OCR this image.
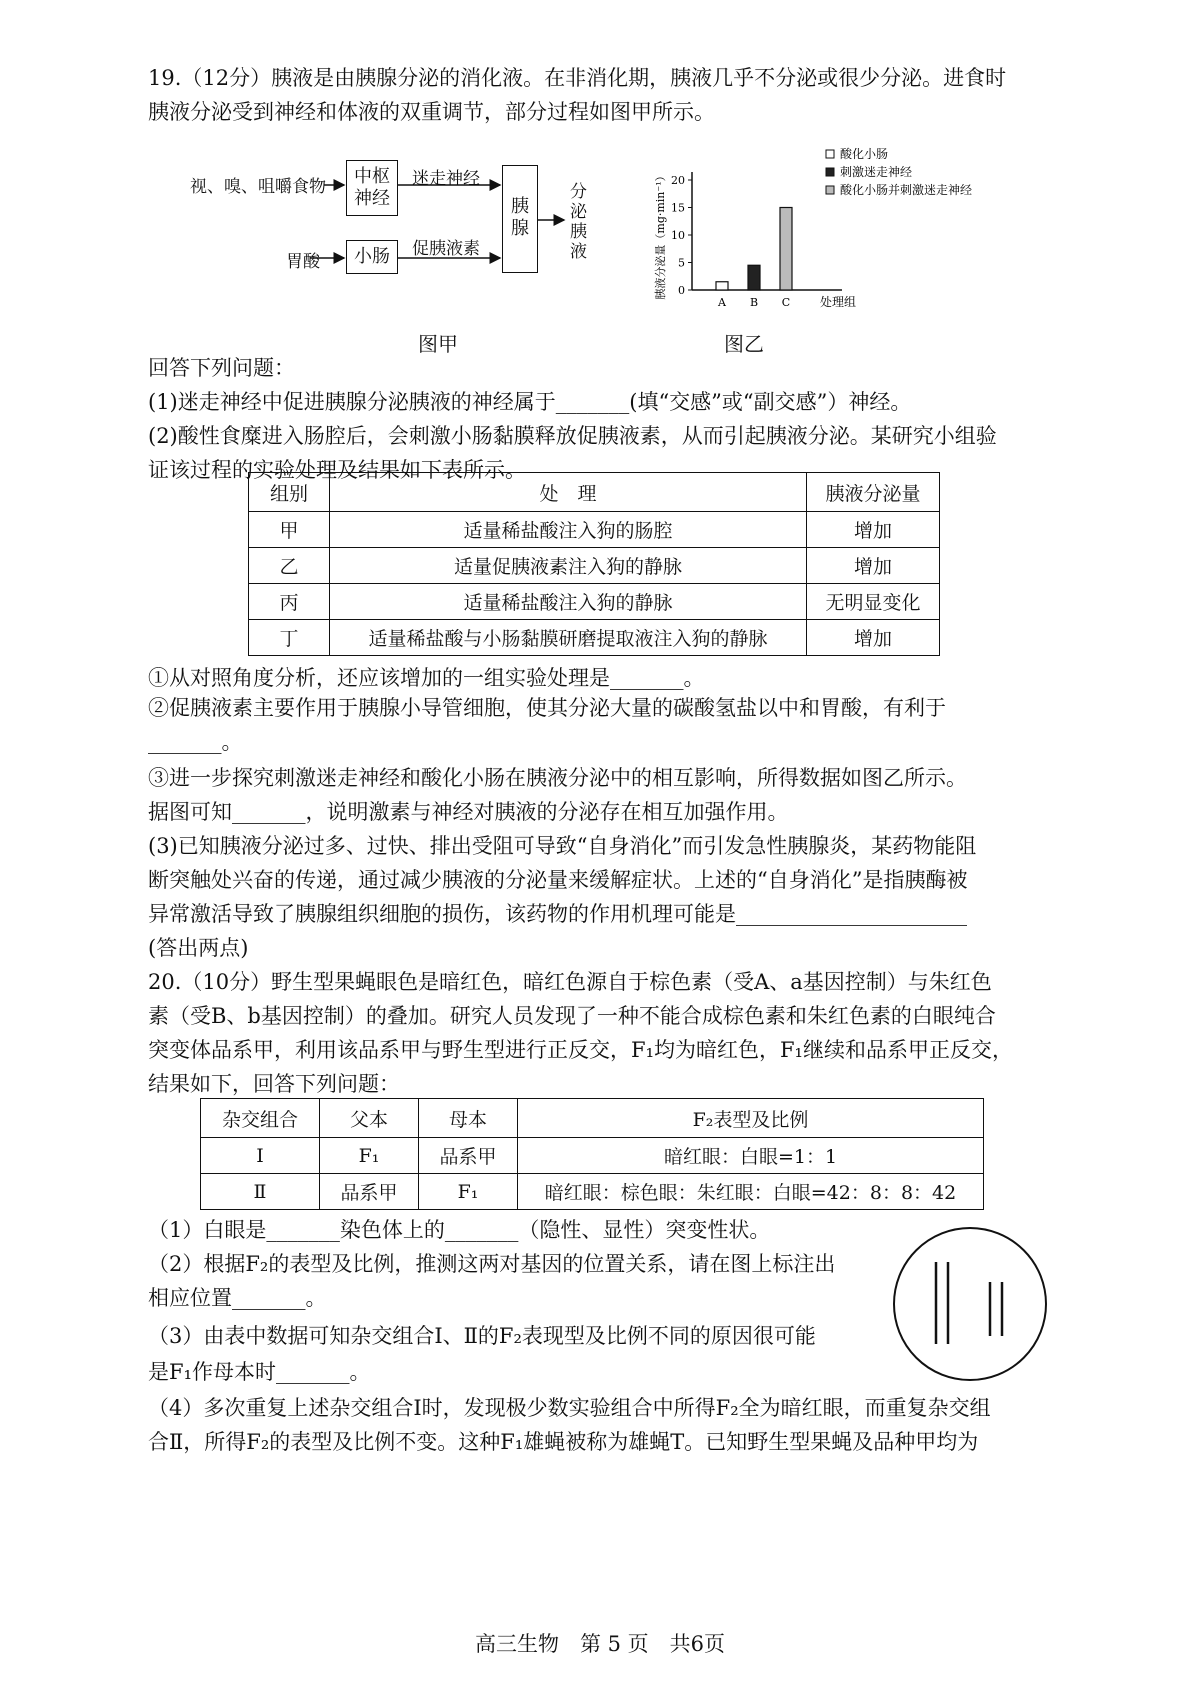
19.（12分）胰液是由胰腺分泌的消化液。在非消化期，胰液几乎不分泌或很少分泌。进食时

胰液分泌受到神经和体液的双重调节，部分过程如图甲所示。

视、嗅、咀嚼食物	中枢
神经
迷走神经
胃酸	小肠	促胰液素
胰
腺
分泌胰液
图甲
0
5
10
15
20
胰液分泌量（mg·min⁻¹）
A B C 处理组
酸化小肠
刺激迷走神经
酸化小肠并刺激迷走神经
图乙

回答下列问题：

(1)迷走神经中促进胰腺分泌胰液的神经属于_______(填“交感”或“副交感”）神经。

(2)酸性食糜进入肠腔后，会刺激小肠黏膜释放促胰液素，从而引起胰液分泌。某研究小组验

证该过程的实验处理及结果如下表所示。

组别	处　理	胰液分泌量
甲	适量稀盐酸注入狗的肠腔	增加
乙	适量促胰液素注入狗的静脉	增加
丙	适量稀盐酸注入狗的静脉	无明显变化
丁	适量稀盐酸与小肠黏膜研磨提取液注入狗的静脉	增加

①从对照角度分析，还应该增加的一组实验处理是_______。

②促胰液素主要作用于胰腺小导管细胞，使其分泌大量的碳酸氢盐以中和胃酸，有利于

_______。

③进一步探究刺激迷走神经和酸化小肠在胰液分泌中的相互影响，所得数据如图乙所示。

据图可知_______，说明激素与神经对胰液的分泌存在相互加强作用。

(3)已知胰液分泌过多、过快、排出受阻可导致“自身消化”而引发急性胰腺炎，某药物能阻

断突触处兴奋的传递，通过减少胰液的分泌量来缓解症状。上述的“自身消化”是指胰酶被

异常激活导致了胰腺组织细胞的损伤，该药物的作用机理可能是______________________

(答出两点)

20.（10分）野生型果蝇眼色是暗红色，暗红色源自于棕色素（受A、a基因控制）与朱红色

素（受B、b基因控制）的叠加。研究人员发现了一种不能合成棕色素和朱红色素的白眼纯合

突变体品系甲，利用该品系甲与野生型进行正反交，F₁均为暗红色，F₁继续和品系甲正反交，

结果如下，回答下列问题：

杂交组合	父本	母本	F₂表型及比例
Ⅰ	F₁	品系甲	暗红眼：白眼=1：1
Ⅱ	品系甲	F₁	暗红眼：棕色眼：朱红眼：白眼=42：8：8：42

（1）白眼是_______染色体上的_______（隐性、显性）突变性状。

（2）根据F₂的表型及比例，推测这两对基因的位置关系，请在图上标注出

相应位置_______。

（3）由表中数据可知杂交组合Ⅰ、Ⅱ的F₂表现型及比例不同的原因很可能

是F₁作母本时_______。

（4）多次重复上述杂交组合Ⅰ时，发现极少数实验组合中所得F₂全为暗红眼，而重复杂交组

合Ⅱ，所得F₂的表型及比例不变。这种F₁雄蝇被称为雄蝇T。已知野生型果蝇及品种甲均为

高三生物　第 5 页　共6页
